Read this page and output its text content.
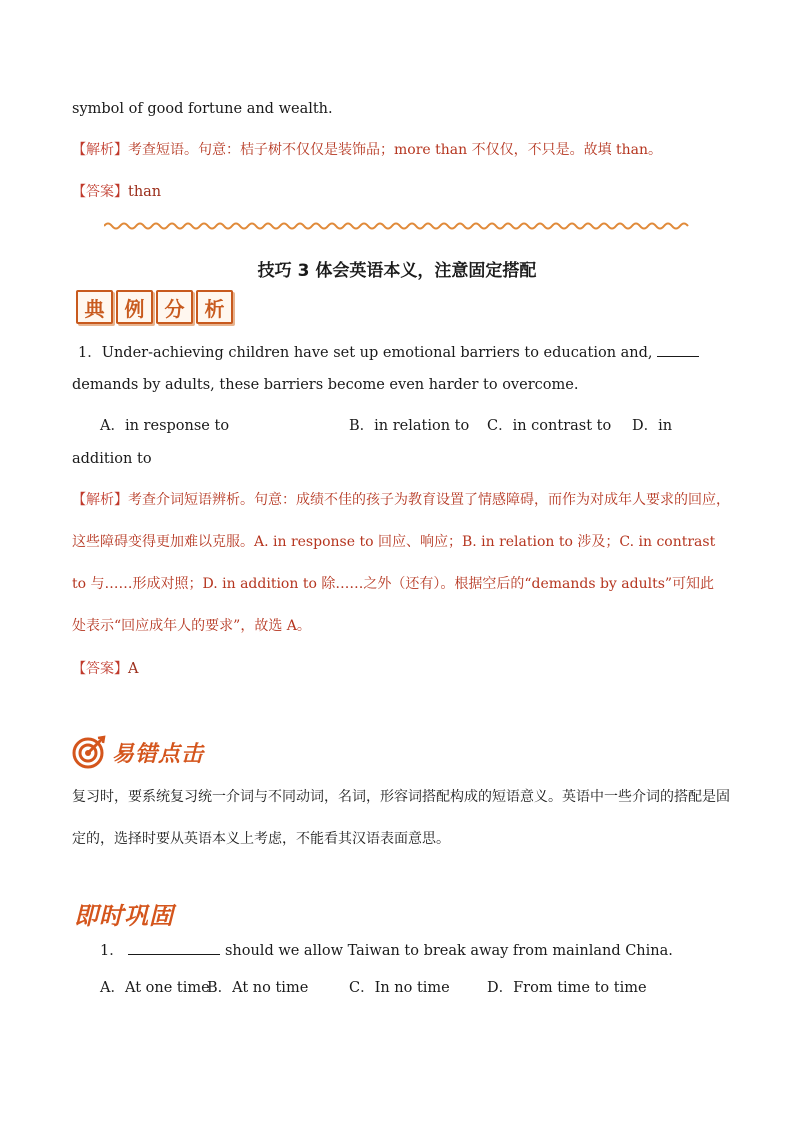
symbol of good fortune and wealth.
【解析】考查短语。句意：桔子树不仅仅是装饰品；more than 不仅仅，不只是。故填 than。
【答案】than
技巧 3 体会英语本义，注意固定搭配
典	例	分	析
1．Under-achieving children have set up emotional barriers to education and,
demands by adults, these barriers become even harder to overcome.
A．in response to	B．in relation to C．in contrast to D．in
addition to
【解析】考查介词短语辨析。句意：成绩不佳的孩子为教育设置了情感障碍，而作为对成年人要求的回应，
这些障碍变得更加难以克服。A. in response to 回应、响应；B. in relation to 涉及；C. in contrast
to 与……形成对照；D. in addition to 除……之外（还有）。根据空后的“demands by adults”可知此
处表示“回应成年人的要求”，故选 A。
【答案】A
易错点击
复习时，要系统复习统一介词与不同动词，名词，形容词搭配构成的短语意义。英语中一些介词的搭配是固
定的，选择时要从英语本义上考虑，不能看其汉语表面意思。
即时巩固
1．	should we allow Taiwan to break away from mainland China.
A．At one time
B．At no time	C．In no time	D．From time to time
